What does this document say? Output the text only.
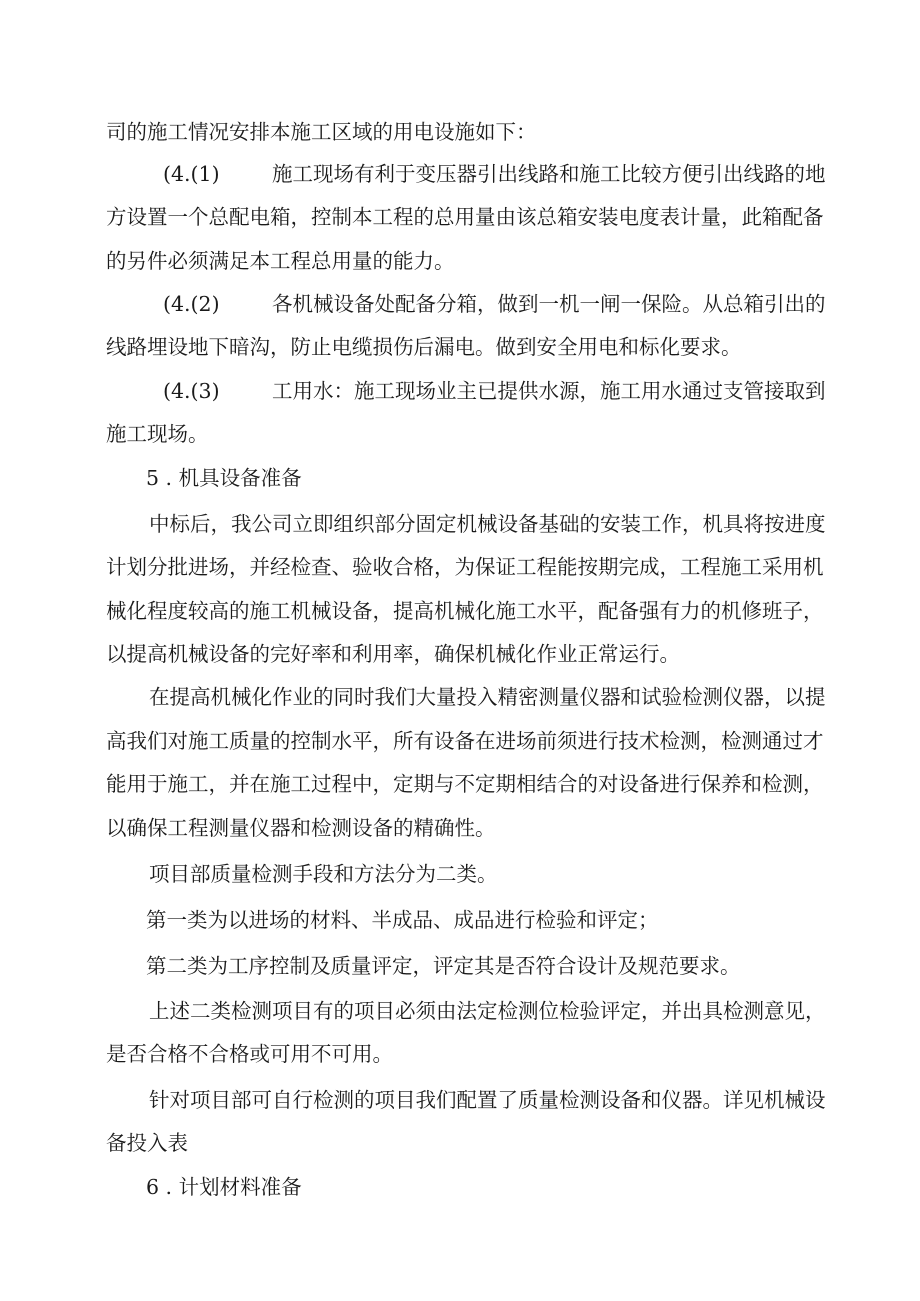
司的施工情况安排本施工区域的用电设施如下：
(4.(1)	施工现场有利于变压器引出线路和施工比较方便引出线路的地
方设置一个总配电箱，控制本工程的总用量由该总箱安装电度表计量，此箱配备
的另件必须满足本工程总用量的能力。
(4.(2)	各机械设备处配备分箱，做到一机一闸一保险。从总箱引出的
线路埋设地下暗沟，防止电缆损伤后漏电。做到安全用电和标化要求。
(4.(3)	工用水：施工现场业主已提供水源，施工用水通过支管接取到
施工现场。
5 . 机具设备准备
中标后，我公司立即组织部分固定机械设备基础的安装工作，机具将按进度
计划分批进场，并经检查、验收合格，为保证工程能按期完成，工程施工采用机
械化程度较高的施工机械设备，提高机械化施工水平，配备强有力的机修班子，
以提高机械设备的完好率和利用率，确保机械化作业正常运行。
在提高机械化作业的同时我们大量投入精密测量仪器和试验检测仪器，以提
高我们对施工质量的控制水平，所有设备在进场前须进行技术检测，检测通过才
能用于施工，并在施工过程中，定期与不定期相结合的对设备进行保养和检测，
以确保工程测量仪器和检测设备的精确性。
项目部质量检测手段和方法分为二类。
第一类为以进场的材料、半成品、成品进行检验和评定；
第二类为工序控制及质量评定，评定其是否符合设计及规范要求。
上述二类检测项目有的项目必须由法定检测位检验评定，并出具检测意见，
是否合格不合格或可用不可用。
针对项目部可自行检测的项目我们配置了质量检测设备和仪器。详见机械设
备投入表
6 . 计划材料准备
